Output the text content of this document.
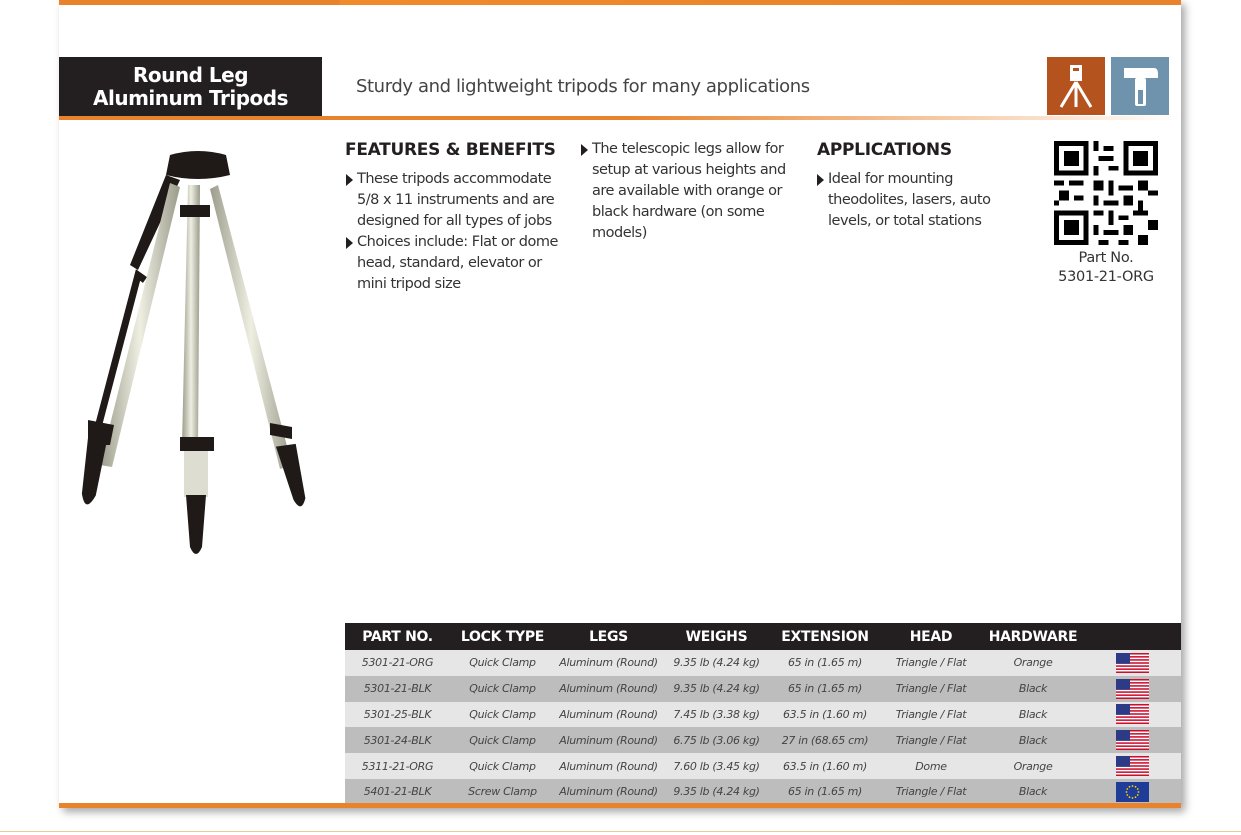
Round Leg
Aluminum Tripods	Sturdy and lightweight tripods for many applications
FEATURES & BENEFITS
These tripods accommodate 5/8 x 11 instruments and are designed for all types of jobs
Choices include: Flat or dome head, standard, elevator or mini tripod size
The telescopic legs allow for setup at various heights and are available with orange or black hardware (on some models)
APPLICATIONS
Ideal for mounting theodolites, lasers, auto levels, or total stations
Part No.
5301-21-ORG
PART NO.	LOCK TYPE	LEGS	WEIGHS	EXTENSION	HEAD	HARDWARE	
5301-21-ORG	Quick Clamp	Aluminum (Round)	9.35 lb (4.24 kg)	65 in (1.65 m)	Triangle / Flat	Orange	
5301-21-BLK	Quick Clamp	Aluminum (Round)	9.35 lb (4.24 kg)	65 in (1.65 m)	Triangle / Flat	Black	
5301-25-BLK	Quick Clamp	Aluminum (Round)	7.45 lb (3.38 kg)	63.5 in (1.60 m)	Triangle / Flat	Black	
5301-24-BLK	Quick Clamp	Aluminum (Round)	6.75 lb (3.06 kg)	27 in (68.65 cm)	Triangle / Flat	Black	
5311-21-ORG	Quick Clamp	Aluminum (Round)	7.60 lb (3.45 kg)	63.5 in (1.60 m)	Dome	Orange	
5401-21-BLK	Screw Clamp	Aluminum (Round)	9.35 lb (4.24 kg)	65 in (1.65 m)	Triangle / Flat	Black	
